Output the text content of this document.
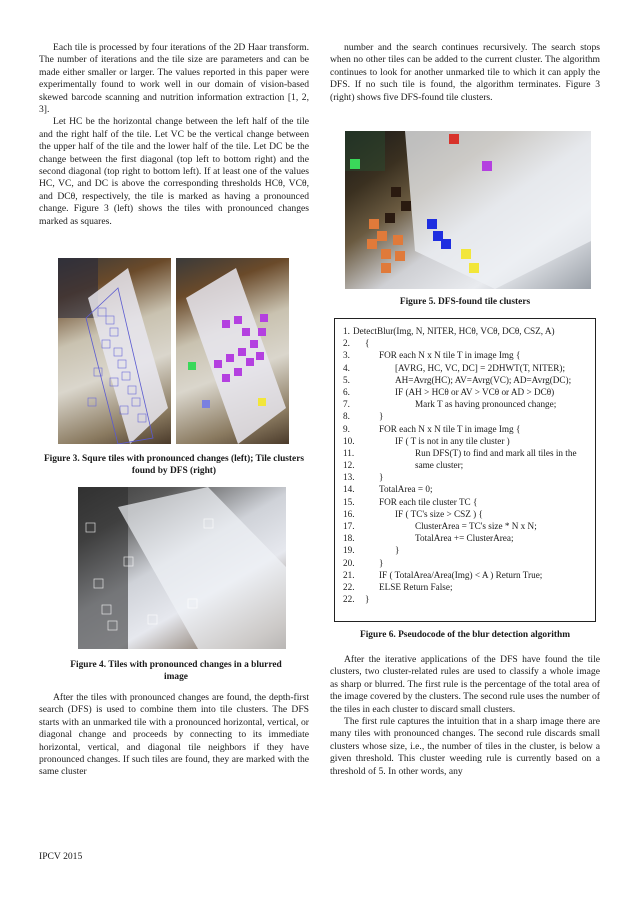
Each tile is processed by four iterations of the 2D Haar transform. The number of iterations and the tile size are parameters and can be made either smaller or larger. The values reported in this paper were experimentally found to work well in our domain of vision-based skewed barcode scanning and nutrition information extraction [1, 2, 3].

Let HC be the horizontal change between the left half of the tile and the right half of the tile. Let VC be the vertical change between the upper half of the tile and the lower half of the tile. Let DC be the change between the first diagonal (top left to bottom right) and the second diagonal (top right to bottom left). If at least one of the values HC, VC, and DC is above the corresponding thresholds HCθ, VCθ, and DCθ, respectively, the tile is marked as having a pronounced change. Figure 3 (left) shows the tiles with pronounced changes marked as squares.

Figure 3. Squre tiles with pronounced changes (left); Tile clusters found by DFS (right)
Figure 4. Tiles with pronounced changes in a blurred image

After the tiles with pronounced changes are found, the depth-first search (DFS) is used to combine them into tile clusters. The DFS starts with an unmarked tile with a pronounced horizontal, vertical, or diagonal change and proceeds by connecting to its immediate horizontal, vertical, and diagonal tile neighbors if they have pronounced changes. If such tiles are found, they are marked with the same cluster

number and the search continues recursively. The search stops when no other tiles can be added to the current cluster. The algorithm continues to look for another unmarked tile to which it can apply the DFS. If no such tile is found, the algorithm terminates. Figure 3 (right) shows five DFS-found tile clusters.

Figure 5. DFS-found tile clusters
1. DetectBlur(Img, N, NITER, HCθ, VCθ, DCθ, CSZ, A)
2.	{
3.	FOR each N x N tile T in image Img {
4.	[AVRG, HC, VC, DC] = 2DHWT(T, NITER);
5.	AH=Avrg(HC); AV=Avrg(VC); AD=Avrg(DC);
6.	IF (AH > HCθ or AV > VCθ or AD > DCθ)
7.	Mark T as having pronounced change;
8.	}
9.	FOR each N x N tile T in image Img {
10.	IF ( T is not in any tile cluster )
11.	Run DFS(T) to find and mark all tiles in the
12.	same cluster;
13.	}
14.	TotalArea = 0;
15.	FOR each tile cluster TC {
16.	IF ( TC's size > CSZ ) {
17.	ClusterArea = TC's size * N x N;
18.	TotalArea += ClusterArea;
19.	}
20.	}
21.	IF ( TotalArea/Area(Img) < A ) Return True;
22.	ELSE Return False;
22.	}
Figure 6. Pseudocode of the blur detection algorithm

After the iterative applications of the DFS have found the tile clusters, two cluster-related rules are used to classify a whole image as sharp or blurred. The first rule is the percentage of the total area of the image covered by the clusters. The second rule uses the number of the tiles in each cluster to discard small clusters.

The first rule captures the intuition that in a sharp image there are many tiles with pronounced changes. The second rule discards small clusters whose size, i.e., the number of tiles in the cluster, is below a given threshold. This cluster weeding rule is currently based on a threshold of 5. In other words, any

IPCV 2015
